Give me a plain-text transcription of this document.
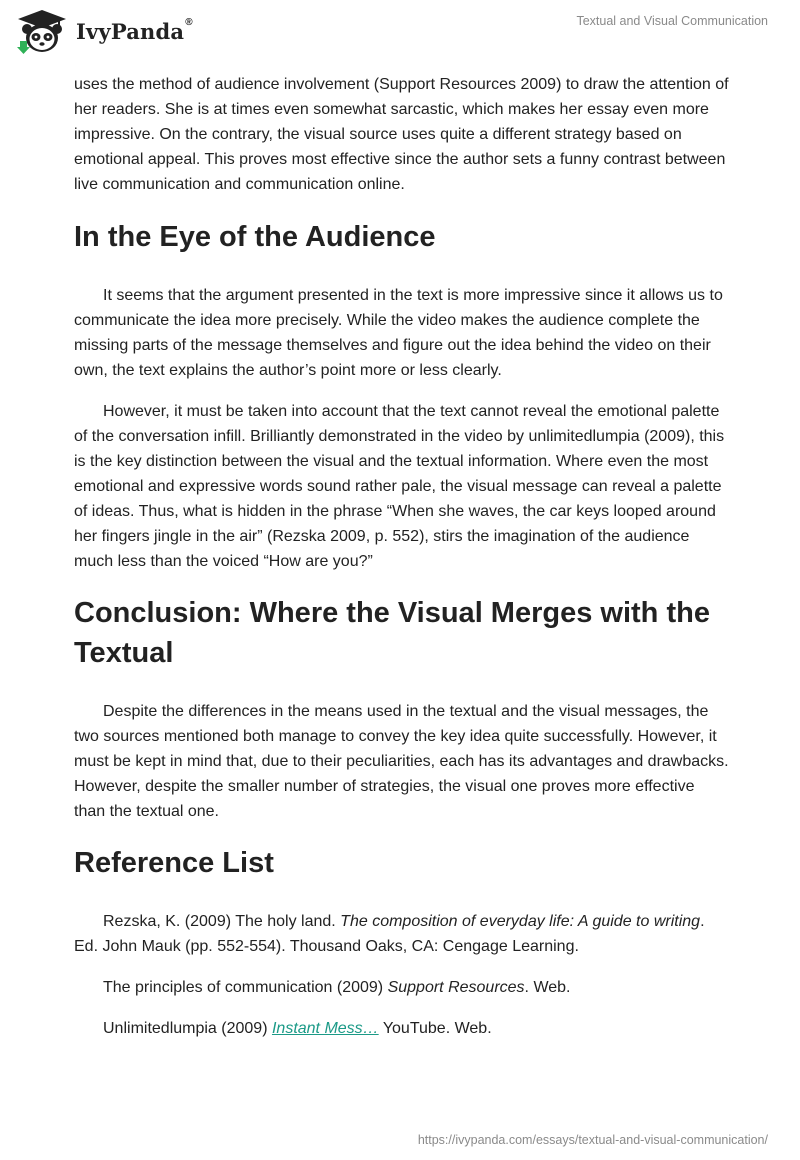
IvyPanda®	Textual and Visual Communication

uses the method of audience involvement (Support Resources 2009) to draw the attention of her readers. She is at times even somewhat sarcastic, which makes her essay even more impressive. On the contrary, the visual source uses quite a different strategy based on emotional appeal. This proves most effective since the author sets a funny contrast between live communication and communication online.

In the Eye of the Audience

It seems that the argument presented in the text is more impressive since it allows us to communicate the idea more precisely. While the video makes the audience complete the missing parts of the message themselves and figure out the idea behind the video on their own, the text explains the author’s point more or less clearly.

However, it must be taken into account that the text cannot reveal the emotional palette of the conversation infill. Brilliantly demonstrated in the video by unlimitedlumpia (2009), this is the key distinction between the visual and the textual information. Where even the most emotional and expressive words sound rather pale, the visual message can reveal a palette of ideas. Thus, what is hidden in the phrase “When she waves, the car keys looped around her fingers jingle in the air” (Rezska 2009, p. 552), stirs the imagination of the audience much less than the voiced “How are you?”

Conclusion: Where the Visual Merges with the Textual

Despite the differences in the means used in the textual and the visual messages, the two sources mentioned both manage to convey the key idea quite successfully. However, it must be kept in mind that, due to their peculiarities, each has its advantages and drawbacks. However, despite the smaller number of strategies, the visual one proves more effective than the textual one.

Reference List

Rezska, K. (2009) The holy land. The composition of everyday life: A guide to writing. Ed. John Mauk (pp. 552-554). Thousand Oaks, CA: Cengage Learning.

The principles of communication (2009) Support Resources. Web.

Unlimitedlumpia (2009) Instant Mess… YouTube. Web.

https://ivypanda.com/essays/textual-and-visual-communication/
